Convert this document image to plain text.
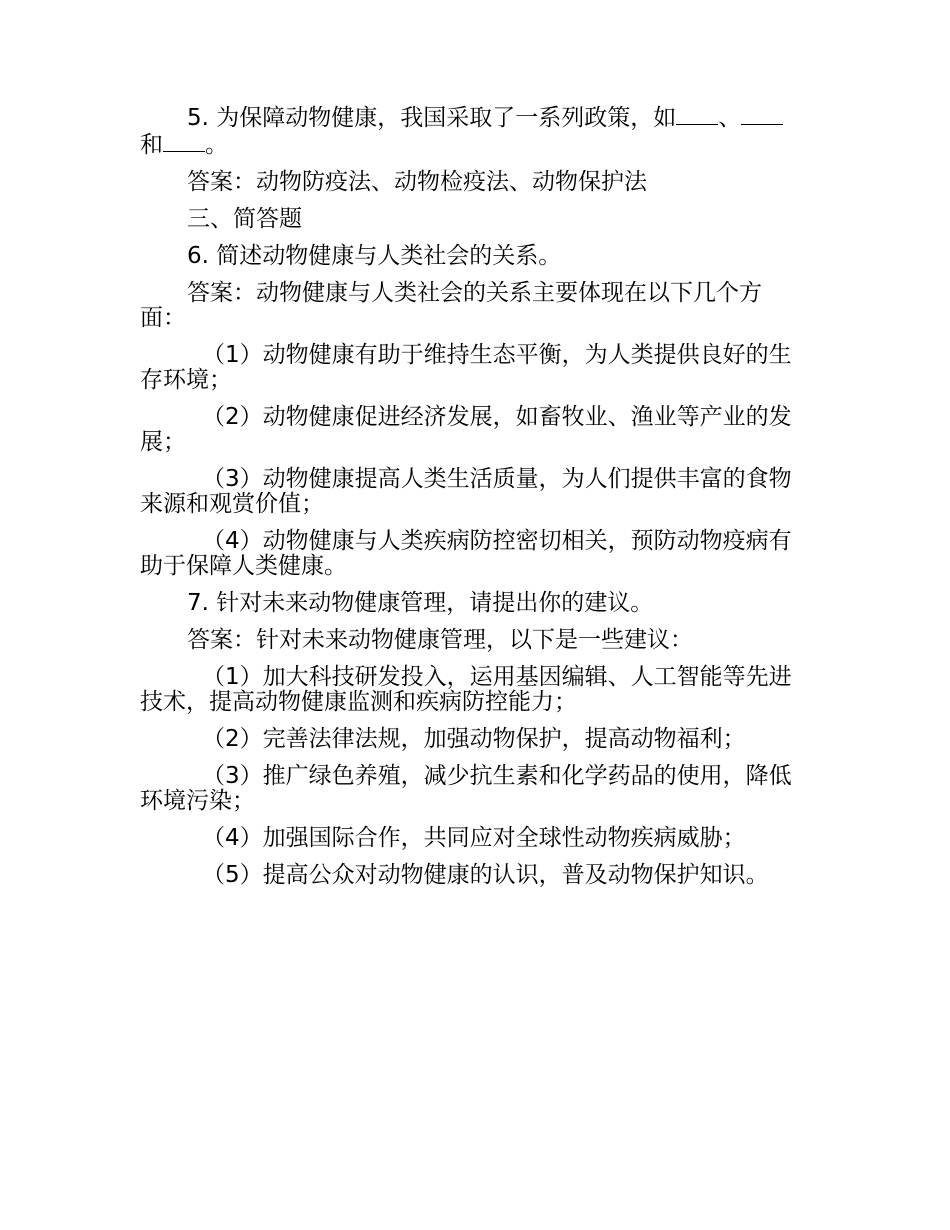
5. 为保障动物健康，我国采取了一系列政策，如 、和 。

答案：动物防疫法、动物检疫法、动物保护法

三、简答题

6. 简述动物健康与人类社会的关系。

答案：动物健康与人类社会的关系主要体现在以下几个方面：

（1）动物健康有助于维持生态平衡，为人类提供良好的生存环境；

（2）动物健康促进经济发展，如畜牧业、渔业等产业的发展；

（3）动物健康提高人类生活质量，为人们提供丰富的食物来源和观赏价值；

（4）动物健康与人类疾病防控密切相关，预防动物疫病有助于保障人类健康。

7. 针对未来动物健康管理，请提出你的建议。

答案：针对未来动物健康管理，以下是一些建议：

（1）加大科技研发投入，运用基因编辑、人工智能等先进技术，提高动物健康监测和疾病防控能力；

（2）完善法律法规，加强动物保护，提高动物福利；

（3）推广绿色养殖，减少抗生素和化学药品的使用，降低环境污染；

（4）加强国际合作，共同应对全球性动物疾病威胁；

（5）提高公众对动物健康的认识，普及动物保护知识。
